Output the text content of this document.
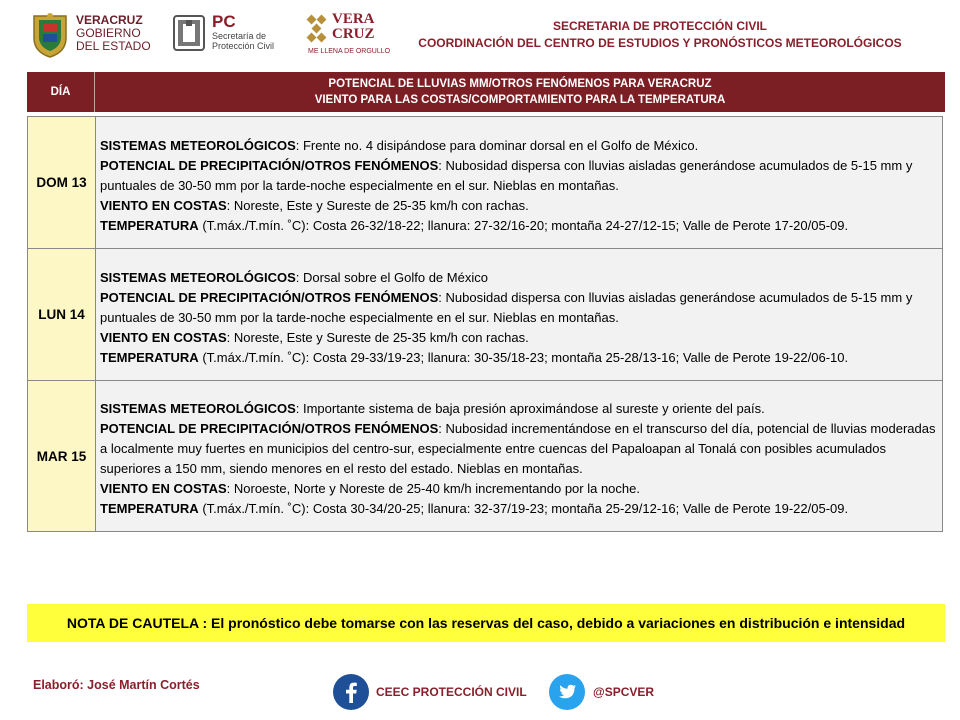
VERACRUZ
GOBIERNO
DEL ESTADO
PC
Secretaría de
Protección Civil
VERA
CRUZ
ME LLENA DE ORGULLO
SECRETARIA DE PROTECCIÓN CIVIL
COORDINACIÓN DEL CENTRO DE ESTUDIOS Y PRONÓSTICOS METEOROLÓGICOS
DÍA
POTENCIAL DE LLUVIAS MM/OTROS FENÓMENOS PARA VERACRUZ
VIENTO PARA LAS COSTAS/COMPORTAMIENTO PARA LA TEMPERATURA
DOM 13
SISTEMAS METEOROLÓGICOS: Frente no. 4 disipándose para dominar dorsal en el Golfo de México.
POTENCIAL DE PRECIPITACIÓN/OTROS FENÓMENOS: Nubosidad dispersa con lluvias aisladas generándose acumulados de 5-15 mm y puntuales de 30-50 mm por la tarde-noche especialmente en el sur. Nieblas en montañas.
VIENTO EN COSTAS: Noreste, Este y Sureste de 25-35 km/h con rachas.
TEMPERATURA (T.máx./T.mín. ˚C): Costa 26-32/18-22; llanura: 27-32/16-20; montaña 24-27/12-15; Valle de Perote 17-20/05-09.
LUN 14
SISTEMAS METEOROLÓGICOS: Dorsal sobre el Golfo de México
POTENCIAL DE PRECIPITACIÓN/OTROS FENÓMENOS: Nubosidad dispersa con lluvias aisladas generándose acumulados de 5-15 mm y puntuales de 30-50 mm por la tarde-noche especialmente en el sur. Nieblas en montañas.
VIENTO EN COSTAS: Noreste, Este y Sureste de 25-35 km/h con rachas.
TEMPERATURA (T.máx./T.mín. ˚C): Costa 29-33/19-23; llanura: 30-35/18-23; montaña 25-28/13-16; Valle de Perote 19-22/06-10.
MAR 15
SISTEMAS METEOROLÓGICOS: Importante sistema de baja presión aproximándose al sureste y oriente del país.
POTENCIAL DE PRECIPITACIÓN/OTROS FENÓMENOS: Nubosidad incrementándose en el transcurso del día, potencial de lluvias moderadas a localmente muy fuertes en municipios del centro-sur, especialmente entre cuencas del Papaloapan al Tonalá con posibles acumulados superiores a 150 mm, siendo menores en el resto del estado. Nieblas en montañas.
VIENTO EN COSTAS: Noroeste, Norte y Noreste de 25-40 km/h incrementando por la noche.
TEMPERATURA (T.máx./T.mín. ˚C): Costa 30-34/20-25; llanura: 32-37/19-23; montaña 25-29/12-16; Valle de Perote 19-22/05-09.
NOTA DE CAUTELA : El pronóstico debe tomarse con las reservas del caso, debido a variaciones en distribución e intensidad
Elaboró: José Martín Cortés	CEEC PROTECCIÓN CIVIL	@SPCVER
